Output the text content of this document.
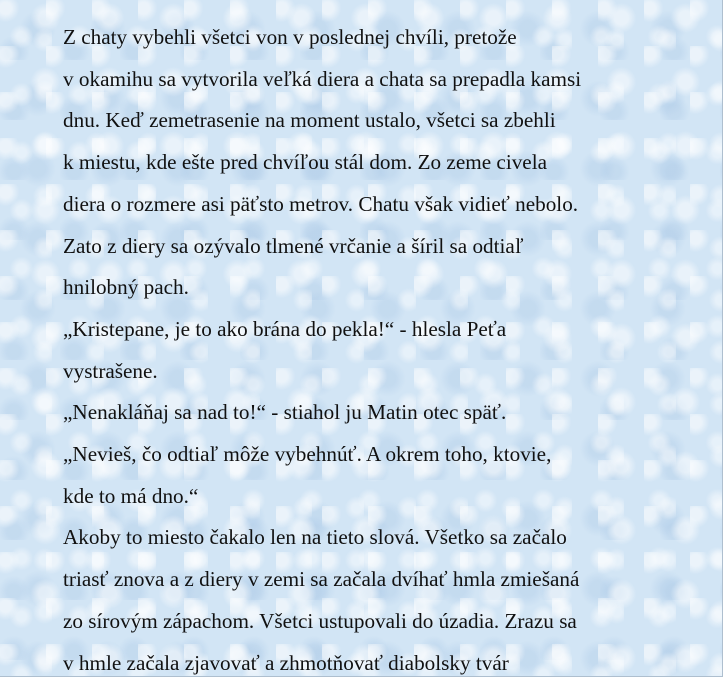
Z chaty vybehli všetci von v poslednej chvíli, pretože
v okamihu sa vytvorila veľká diera a chata sa prepadla kamsi
dnu. Keď zemetrasenie na moment ustalo, všetci sa zbehli
k miestu, kde ešte pred chvíľou stál dom. Zo zeme civela
diera o rozmere asi päťsto metrov. Chatu však vidieť nebolo.
Zato z diery sa ozývalo tlmené vrčanie a šíril sa odtiaľ
hnilobný pach.
„Kristepane, je to ako brána do pekla!“ - hlesla Peťa
vystrašene.
„Nenakláňaj sa nad to!“ - stiahol ju Matin otec späť.
„Nevieš, čo odtiaľ môže vybehnúť. A okrem toho, ktovie,
kde to má dno.“
Akoby to miesto čakalo len na tieto slová. Všetko sa začalo
triasť znova a z diery v zemi sa začala dvíhať hmla zmiešaná
zo sírovým zápachom. Všetci ustupovali do úzadia. Zrazu sa
v hmle začala zjavovať a zhmotňovať diabolsky tvár
